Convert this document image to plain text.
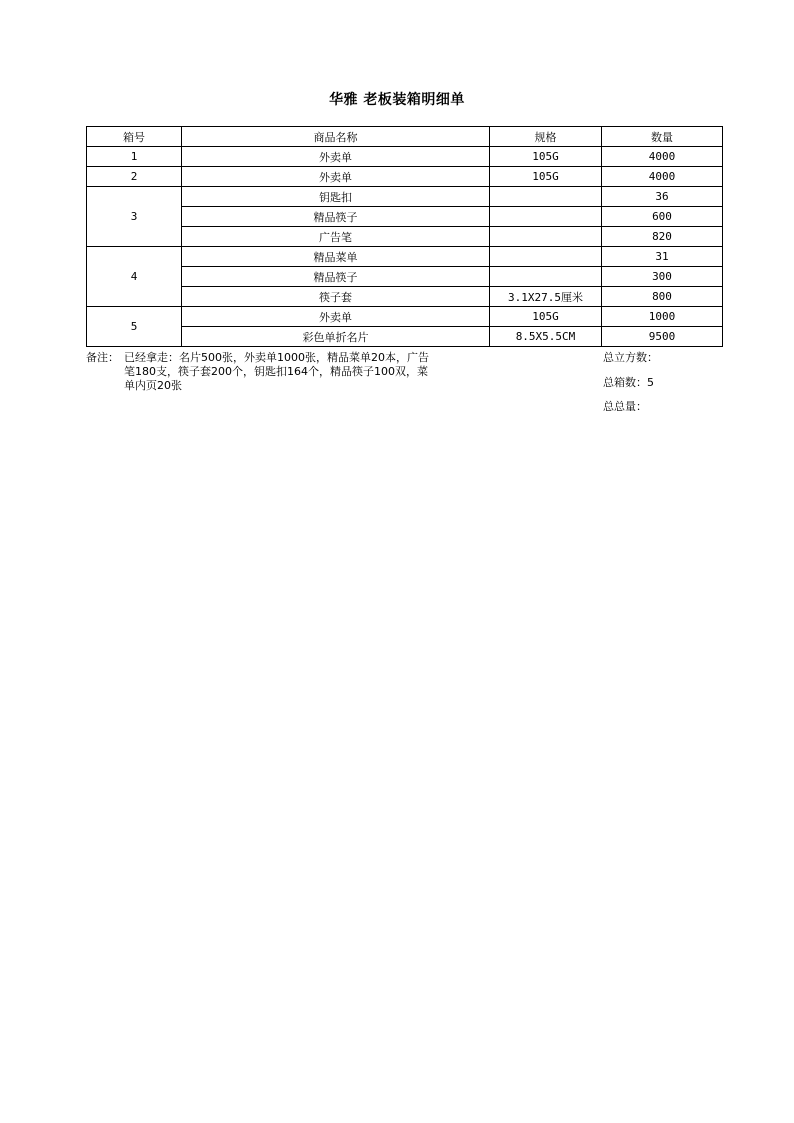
华雅 老板装箱明细单
箱号	商品名称	规格	数量
1	外卖单	105G	4000
2	外卖单	105G	4000
3	钥匙扣		36
	精品筷子		600
	广告笔		820
4	精品菜单		31
	精品筷子		300
	筷子套	3.1X27.5厘米	800
5	外卖单	105G	1000
	彩色单折名片	8.5X5.5CM	9500
备注： 已经拿走：名片500张，外卖单1000张，精品菜单20本，广告笔180支，筷子套200个，钥匙扣164个，精品筷子100双，菜单内页20张
总立方数：
总箱数：5
总总量：
